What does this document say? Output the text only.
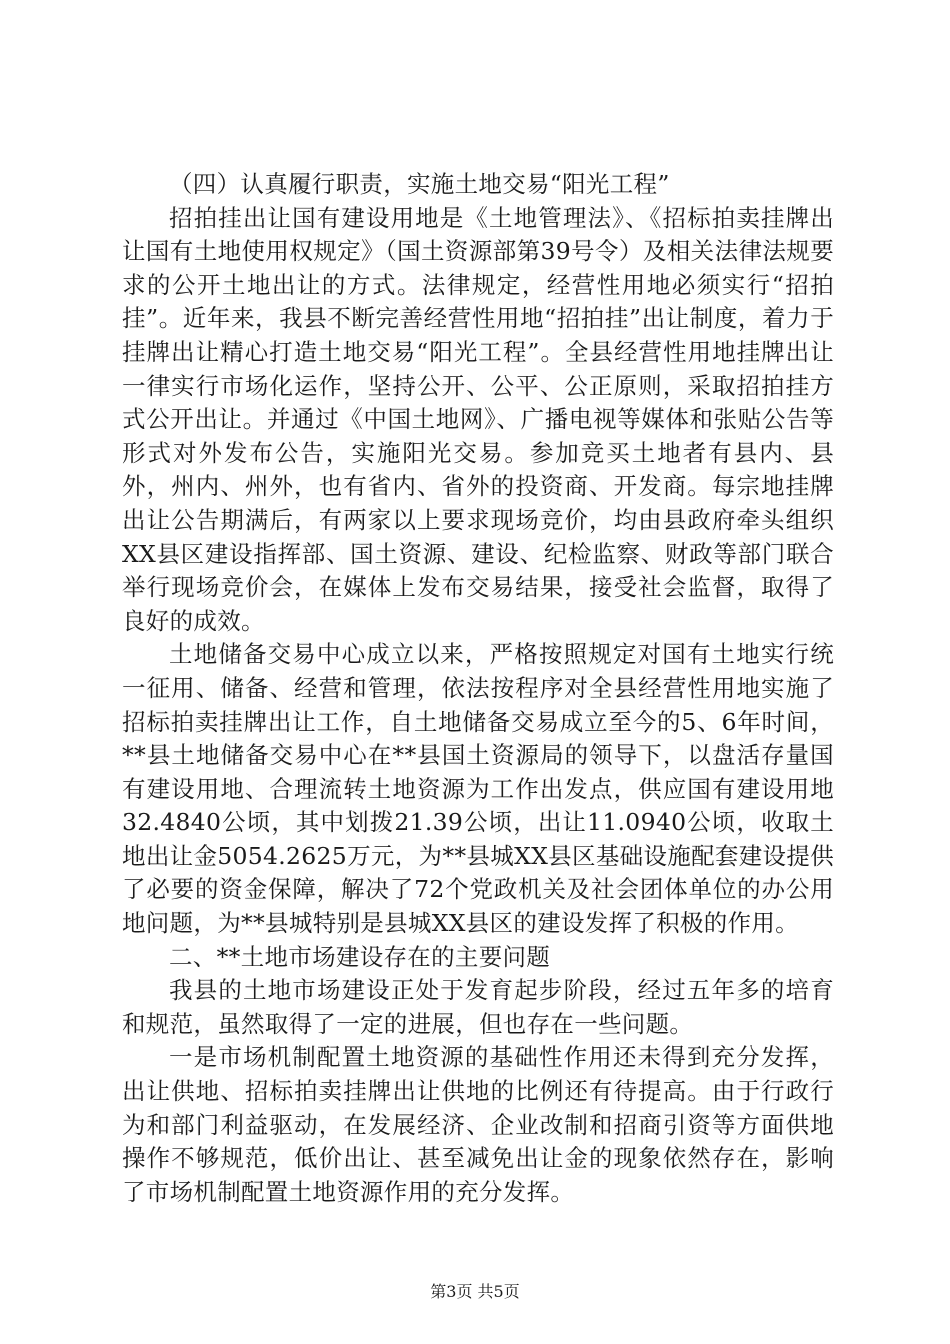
（四）认真履行职责，实施土地交易“阳光工程”

招拍挂出让国有建设用地是《土地管理法》、《招标拍卖挂牌出让国有土地使用权规定》（国土资源部第39号令）及相关法律法规要求的公开土地出让的方式。法律规定，经营性用地必须实行“招拍挂”。近年来，我县不断完善经营性用地“招拍挂”出让制度，着力于挂牌出让精心打造土地交易“阳光工程”。全县经营性用地挂牌出让一律实行市场化运作，坚持公开、公平、公正原则，采取招拍挂方式公开出让。并通过《中国土地网》、广播电视等媒体和张贴公告等形式对外发布公告，实施阳光交易。参加竞买土地者有县内、县外，州内、州外，也有省内、省外的投资商、开发商。每宗地挂牌出让公告期满后，有两家以上要求现场竞价，均由县政府牵头组织XX县区建设指挥部、国土资源、建设、纪检监察、财政等部门联合举行现场竞价会，在媒体上发布交易结果，接受社会监督，取得了良好的成效。

土地储备交易中心成立以来，严格按照规定对国有土地实行统一征用、储备、经营和管理，依法按程序对全县经营性用地实施了招标拍卖挂牌出让工作，自土地储备交易成立至今的5、6年时间，**县土地储备交易中心在**县国土资源局的领导下，以盘活存量国有建设用地、合理流转土地资源为工作出发点，供应国有建设用地32.4840公顷，其中划拨21.39公顷，出让11.0940公顷，收取土地出让金5054.2625万元，为**县城XX县区基础设施配套建设提供了必要的资金保障，解决了72个党政机关及社会团体单位的办公用地问题，为**县城特别是县城XX县区的建设发挥了积极的作用。

二、**土地市场建设存在的主要问题

我县的土地市场建设正处于发育起步阶段，经过五年多的培育和规范，虽然取得了一定的进展，但也存在一些问题。

一是市场机制配置土地资源的基础性作用还未得到充分发挥，出让供地、招标拍卖挂牌出让供地的比例还有待提高。由于行政行为和部门利益驱动，在发展经济、企业改制和招商引资等方面供地操作不够规范，低价出让、甚至减免出让金的现象依然存在，影响了市场机制配置土地资源作用的充分发挥。

第3页 共5页
